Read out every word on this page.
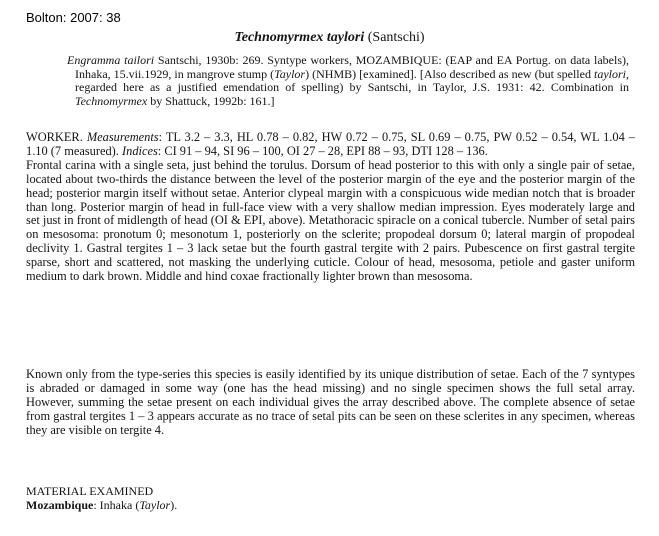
Bolton: 2007: 38
Technomyrmex taylori (Santschi)

Engramma tailori Santschi, 1930b: 269. Syntype workers, MOZAMBIQUE: (EAP and EA Portug. on data labels), Inhaka, 15.vii.1929, in mangrove stump (Taylor) (NHMB) [examined]. [Also described as new (but spelled taylori, regarded here as a justified emendation of spelling) by Santschi, in Taylor, J.S. 1931: 42. Combination in Technomyrmex by Shattuck, 1992b: 161.]

WORKER. Measurements: TL 3.2 – 3.3, HL 0.78 – 0.82, HW 0.72 – 0.75, SL 0.69 – 0.75, PW 0.52 – 0.54, WL 1.04 – 1.10 (7 measured). Indices: CI 91 – 94, SI 96 – 100, OI 27 – 28, EPI 88 – 93, DTI 128 – 136.
Frontal carina with a single seta, just behind the torulus. Dorsum of head posterior to this with only a single pair of setae, located about two-thirds the distance between the level of the posterior margin of the eye and the posterior margin of the head; posterior margin itself without setae. Anterior clypeal margin with a conspicuous wide median notch that is broader than long. Posterior margin of head in full-face view with a very shallow median impression. Eyes moderately large and set just in front of midlength of head (OI & EPI, above). Metathoracic spiracle on a conical tubercle. Number of setal pairs on mesosoma: pronotum 0; mesonotum 1, posteriorly on the sclerite; propodeal dorsum 0; lateral margin of propodeal declivity 1. Gastral tergites 1 – 3 lack setae but the fourth gastral tergite with 2 pairs. Pubescence on first gastral tergite sparse, short and scattered, not masking the underlying cuticle. Colour of head, mesosoma, petiole and gaster uniform medium to dark brown. Middle and hind coxae fractionally lighter brown than mesosoma.

Known only from the type-series this species is easily identified by its unique distribution of setae. Each of the 7 syntypes is abraded or damaged in some way (one has the head missing) and no single specimen shows the full setal array. However, summing the setae present on each individual gives the array described above. The complete absence of setae from gastral tergites 1 – 3 appears accurate as no trace of setal pits can be seen on these sclerites in any specimen, whereas they are visible on tergite 4.

MATERIAL EXAMINED
Mozambique: Inhaka (Taylor).
